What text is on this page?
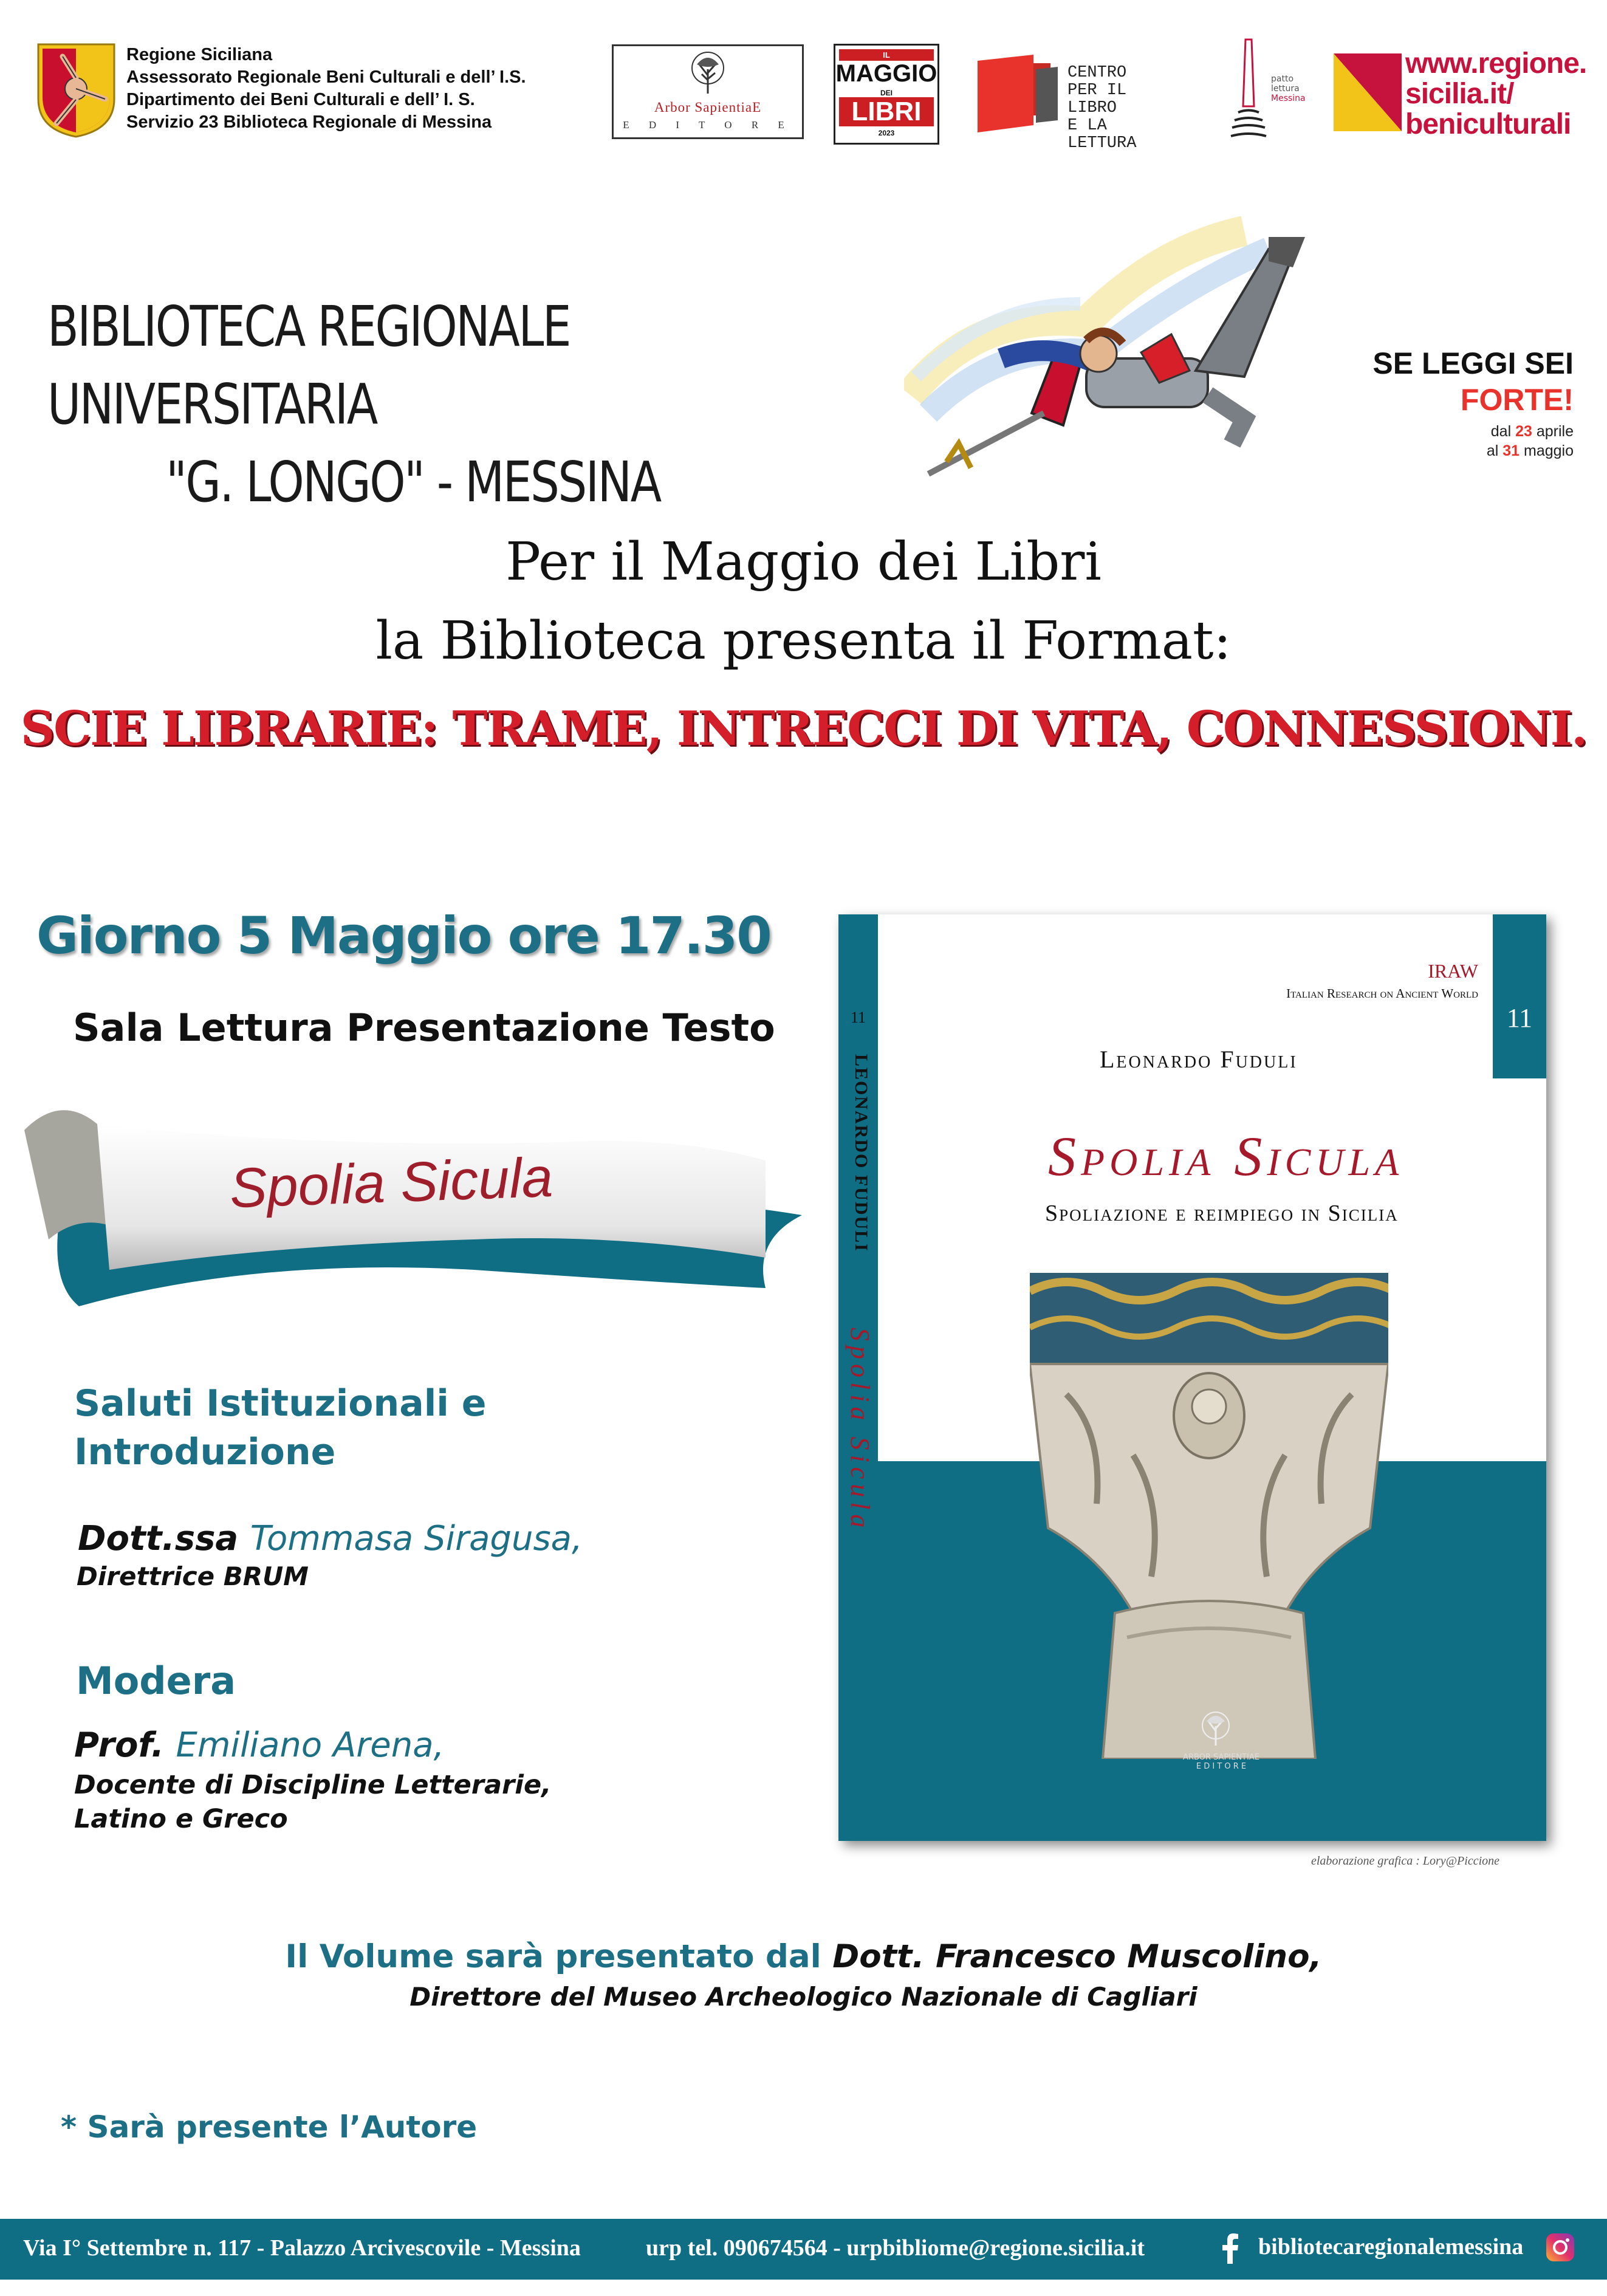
Regione Siciliana
Assessorato Regionale Beni Culturali e dell’ I.S.
Dipartimento dei Beni Culturali e dell’ I. S.
Servizio 23 Biblioteca Regionale di Messina
Arbor SapientiaE
E D I T O R E
IL
MAGGIO
DEI
LIBRI
2023
CENTRO
PER IL LIBRO
E LA LETTURA
patto
lettura
Messina
www.regione.
sicilia.it/
beniculturali
BIBLIOTECA REGIONALE UNIVERSITARIA
"G. LONGO" - MESSINA
SE LEGGI SEI
FORTE!
dal 23 aprile
al 31 maggio
Per il Maggio dei Libri
la Biblioteca presenta il Format:
SCIE LIBRARIE: TRAME, INTRECCI DI VITA, CONNESSIONI.
Giorno 5 Maggio ore 17.30
Sala Lettura Presentazione Testo
Spolia Sicula
Saluti Istituzionali e
Introduzione
Dott.ssa Tommasa Siragusa,
Direttrice BRUM
Modera
Prof. Emiliano Arena,
Docente di Discipline Letterarie,
Latino e Greco
11
LEONARDO FUDULI
Spolia Sicula
11
IRAW
Italian Research on Ancient World
Leonardo Fuduli
Spolia Sicula
Spoliazione e reimpiego in Sicilia
ARBOR SAPIENTIAE
E D I T O R E
elaborazione grafica : Lory@Piccione
Il Volume sarà presentato dal Dott. Francesco Muscolino,
Direttore del Museo Archeologico Nazionale di Cagliari
* Sarà presente l’Autore
Via I° Settembre n. 117 - Palazzo Arcivescovile - Messina	urp tel. 090674564 - urpbibliome@regione.sicilia.it	bibliotecaregionalemessina
